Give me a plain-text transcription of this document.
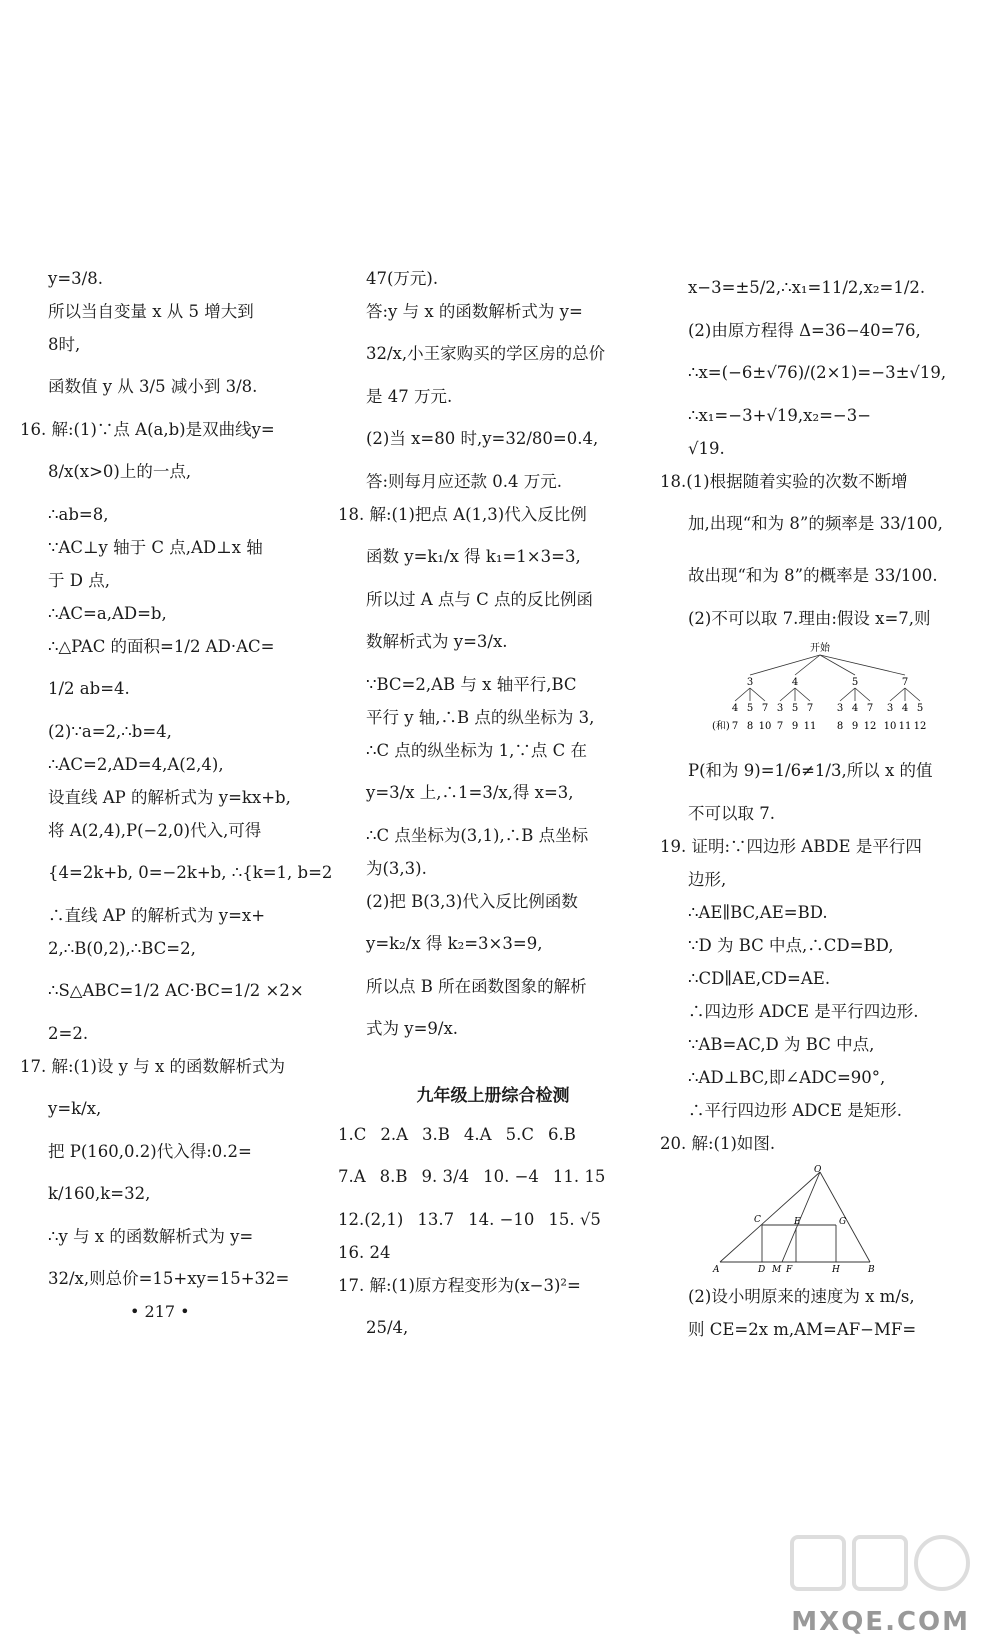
y=3/8.
所以当自变量 x 从 5 增大到
8时,
函数值 y 从 3/5 减小到 3/8.
16. 解:(1)∵点 A(a,b)是双曲线y=
8/x(x>0)上的一点,
∴ab=8,
∵AC⊥y 轴于 C 点,AD⊥x 轴
于 D 点,
∴AC=a,AD=b,
∴△PAC 的面积=1/2 AD·AC=
1/2 ab=4.
(2)∵a=2,∴b=4,
∴AC=2,AD=4,A(2,4),
设直线 AP 的解析式为 y=kx+b,
将 A(2,4),P(−2,0)代入,可得
{4=2k+b, 0=−2k+b, ∴{k=1, b=2
∴直线 AP 的解析式为 y=x+
2,∴B(0,2),∴BC=2,
∴S△ABC=1/2 AC·BC=1/2 ×2×
2=2.
17. 解:(1)设 y 与 x 的函数解析式为
y=k/x,
把 P(160,0.2)代入得:0.2=
k/160,k=32,
∴y 与 x 的函数解析式为 y=
32/x,则总价=15+xy=15+32=
47(万元).
答:y 与 x 的函数解析式为 y=
32/x,小王家购买的学区房的总价
是 47 万元.
(2)当 x=80 时,y=32/80=0.4,
答:则每月应还款 0.4 万元.
18. 解:(1)把点 A(1,3)代入反比例
函数 y=k₁/x 得 k₁=1×3=3,
所以过 A 点与 C 点的反比例函
数解析式为 y=3/x.
∵BC=2,AB 与 x 轴平行,BC
平行 y 轴,∴B 点的纵坐标为 3,
∴C 点的纵坐标为 1,∵点 C 在
y=3/x 上,∴1=3/x,得 x=3,
∴C 点坐标为(3,1),∴B 点坐标
为(3,3).
(2)把 B(3,3)代入反比例函数
y=k₂/x 得 k₂=3×3=9,
所以点 B 所在函数图象的解析
式为 y=9/x.
九年级上册综合检测
1.C 2.A 3.B 4.A 5.C 6.B
7.A 8.B 9. 3/4 10. −4 11. 15
12.(2,1) 13.7 14. −10 15. √5
16. 24
17. 解:(1)原方程变形为(x−3)²=
25/4,
x−3=±5/2,∴x₁=11/2,x₂=1/2.
(2)由原方程得 Δ=36−40=76,
∴x=(−6±√76)/(2×1)=−3±√19,
∴x₁=−3+√19,x₂=−3−
√19.
18.(1)根据随着实验的次数不断增
加,出现“和为 8”的频率是 33/100,
故出现“和为 8”的概率是 33/100.
(2)不可以取 7.理由:假设 x=7,则
开始
3
4
7
5
8
7
10
4
3
7
5
9
7
11
5
3
8
4
9
7
12
7
3
10
4
11
5
12
(和)
P(和为 9)=1/6≠1/3,所以 x 的值
不可以取 7.
19. 证明:∵四边形 ABDE 是平行四
边形,
∴AE∥BC,AE=BD.
∵D 为 BC 中点,∴CD=BD,
∴CD∥AE,CD=AE.
∴四边形 ADCE 是平行四边形.
∵AB=AC,D 为 BC 中点,
∴AD⊥BC,即∠ADC=90°,
∴平行四边形 ADCE 是矩形.
20. 解:(1)如图.
O
C	E	G
A	D M F	H	B
(2)设小明原来的速度为 x m/s,
则 CE=2x m,AM=AF−MF=
• 217 •
MXQE.COM
